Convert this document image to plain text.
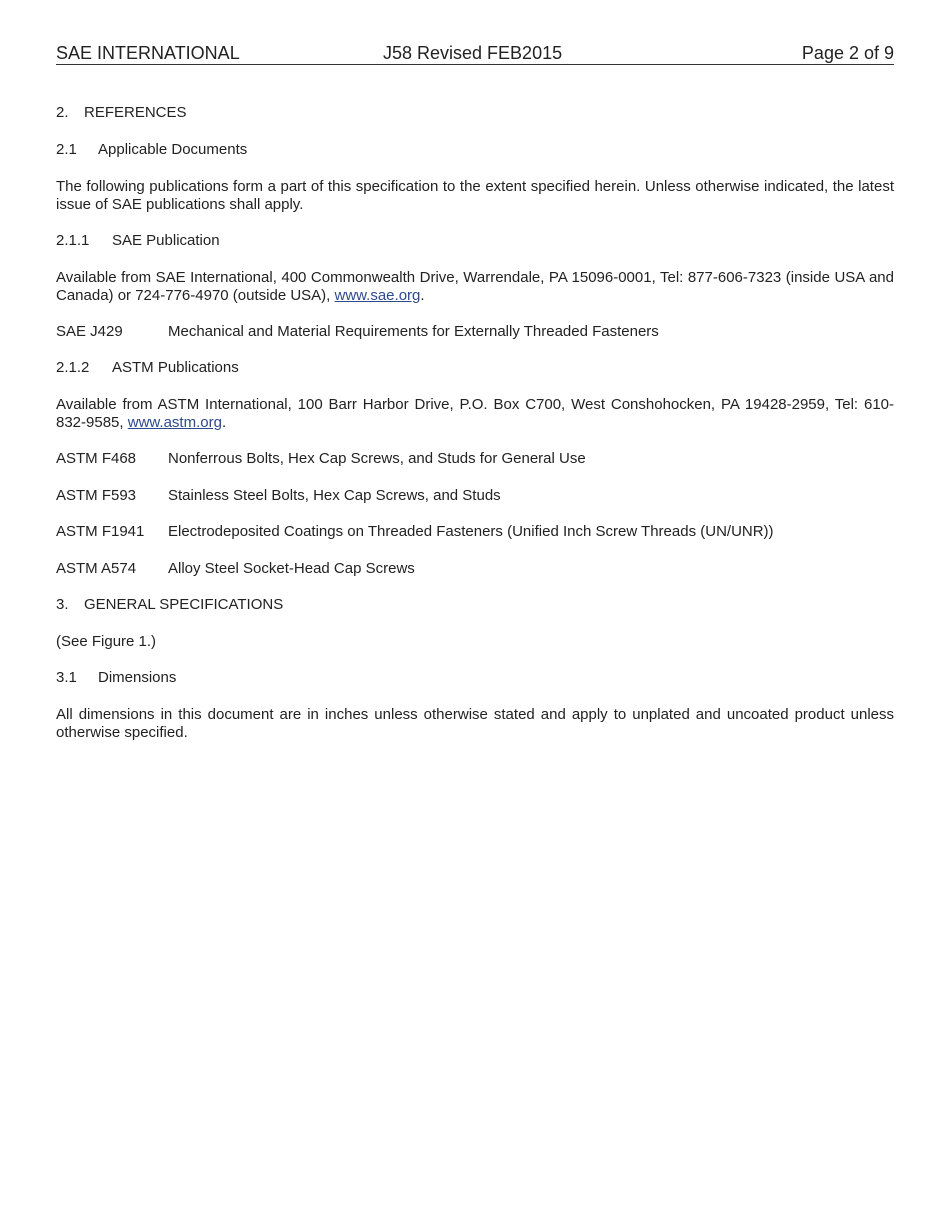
SAE INTERNATIONAL	J58 Revised FEB2015	Page 2 of 9
2. REFERENCES
2.1 Applicable Documents
The following publications form a part of this specification to the extent specified herein. Unless otherwise indicated, the latest issue of SAE publications shall apply.
2.1.1 SAE Publication
Available from SAE International, 400 Commonwealth Drive, Warrendale, PA 15096-0001, Tel: 877-606-7323 (inside USA and Canada) or 724-776-4970 (outside USA), www.sae.org.
SAE J429	Mechanical and Material Requirements for Externally Threaded Fasteners
2.1.2 ASTM Publications
Available from ASTM International, 100 Barr Harbor Drive, P.O. Box C700, West Conshohocken, PA 19428-2959, Tel: 610-832-9585, www.astm.org.
ASTM F468 Nonferrous Bolts, Hex Cap Screws, and Studs for General Use
ASTM F593 Stainless Steel Bolts, Hex Cap Screws, and Studs
ASTM F1941 Electrodeposited Coatings on Threaded Fasteners (Unified Inch Screw Threads (UN/UNR))
ASTM A574 Alloy Steel Socket-Head Cap Screws
3. GENERAL SPECIFICATIONS
(See Figure 1.)
3.1 Dimensions
All dimensions in this document are in inches unless otherwise stated and apply to unplated and uncoated product unless otherwise specified.
